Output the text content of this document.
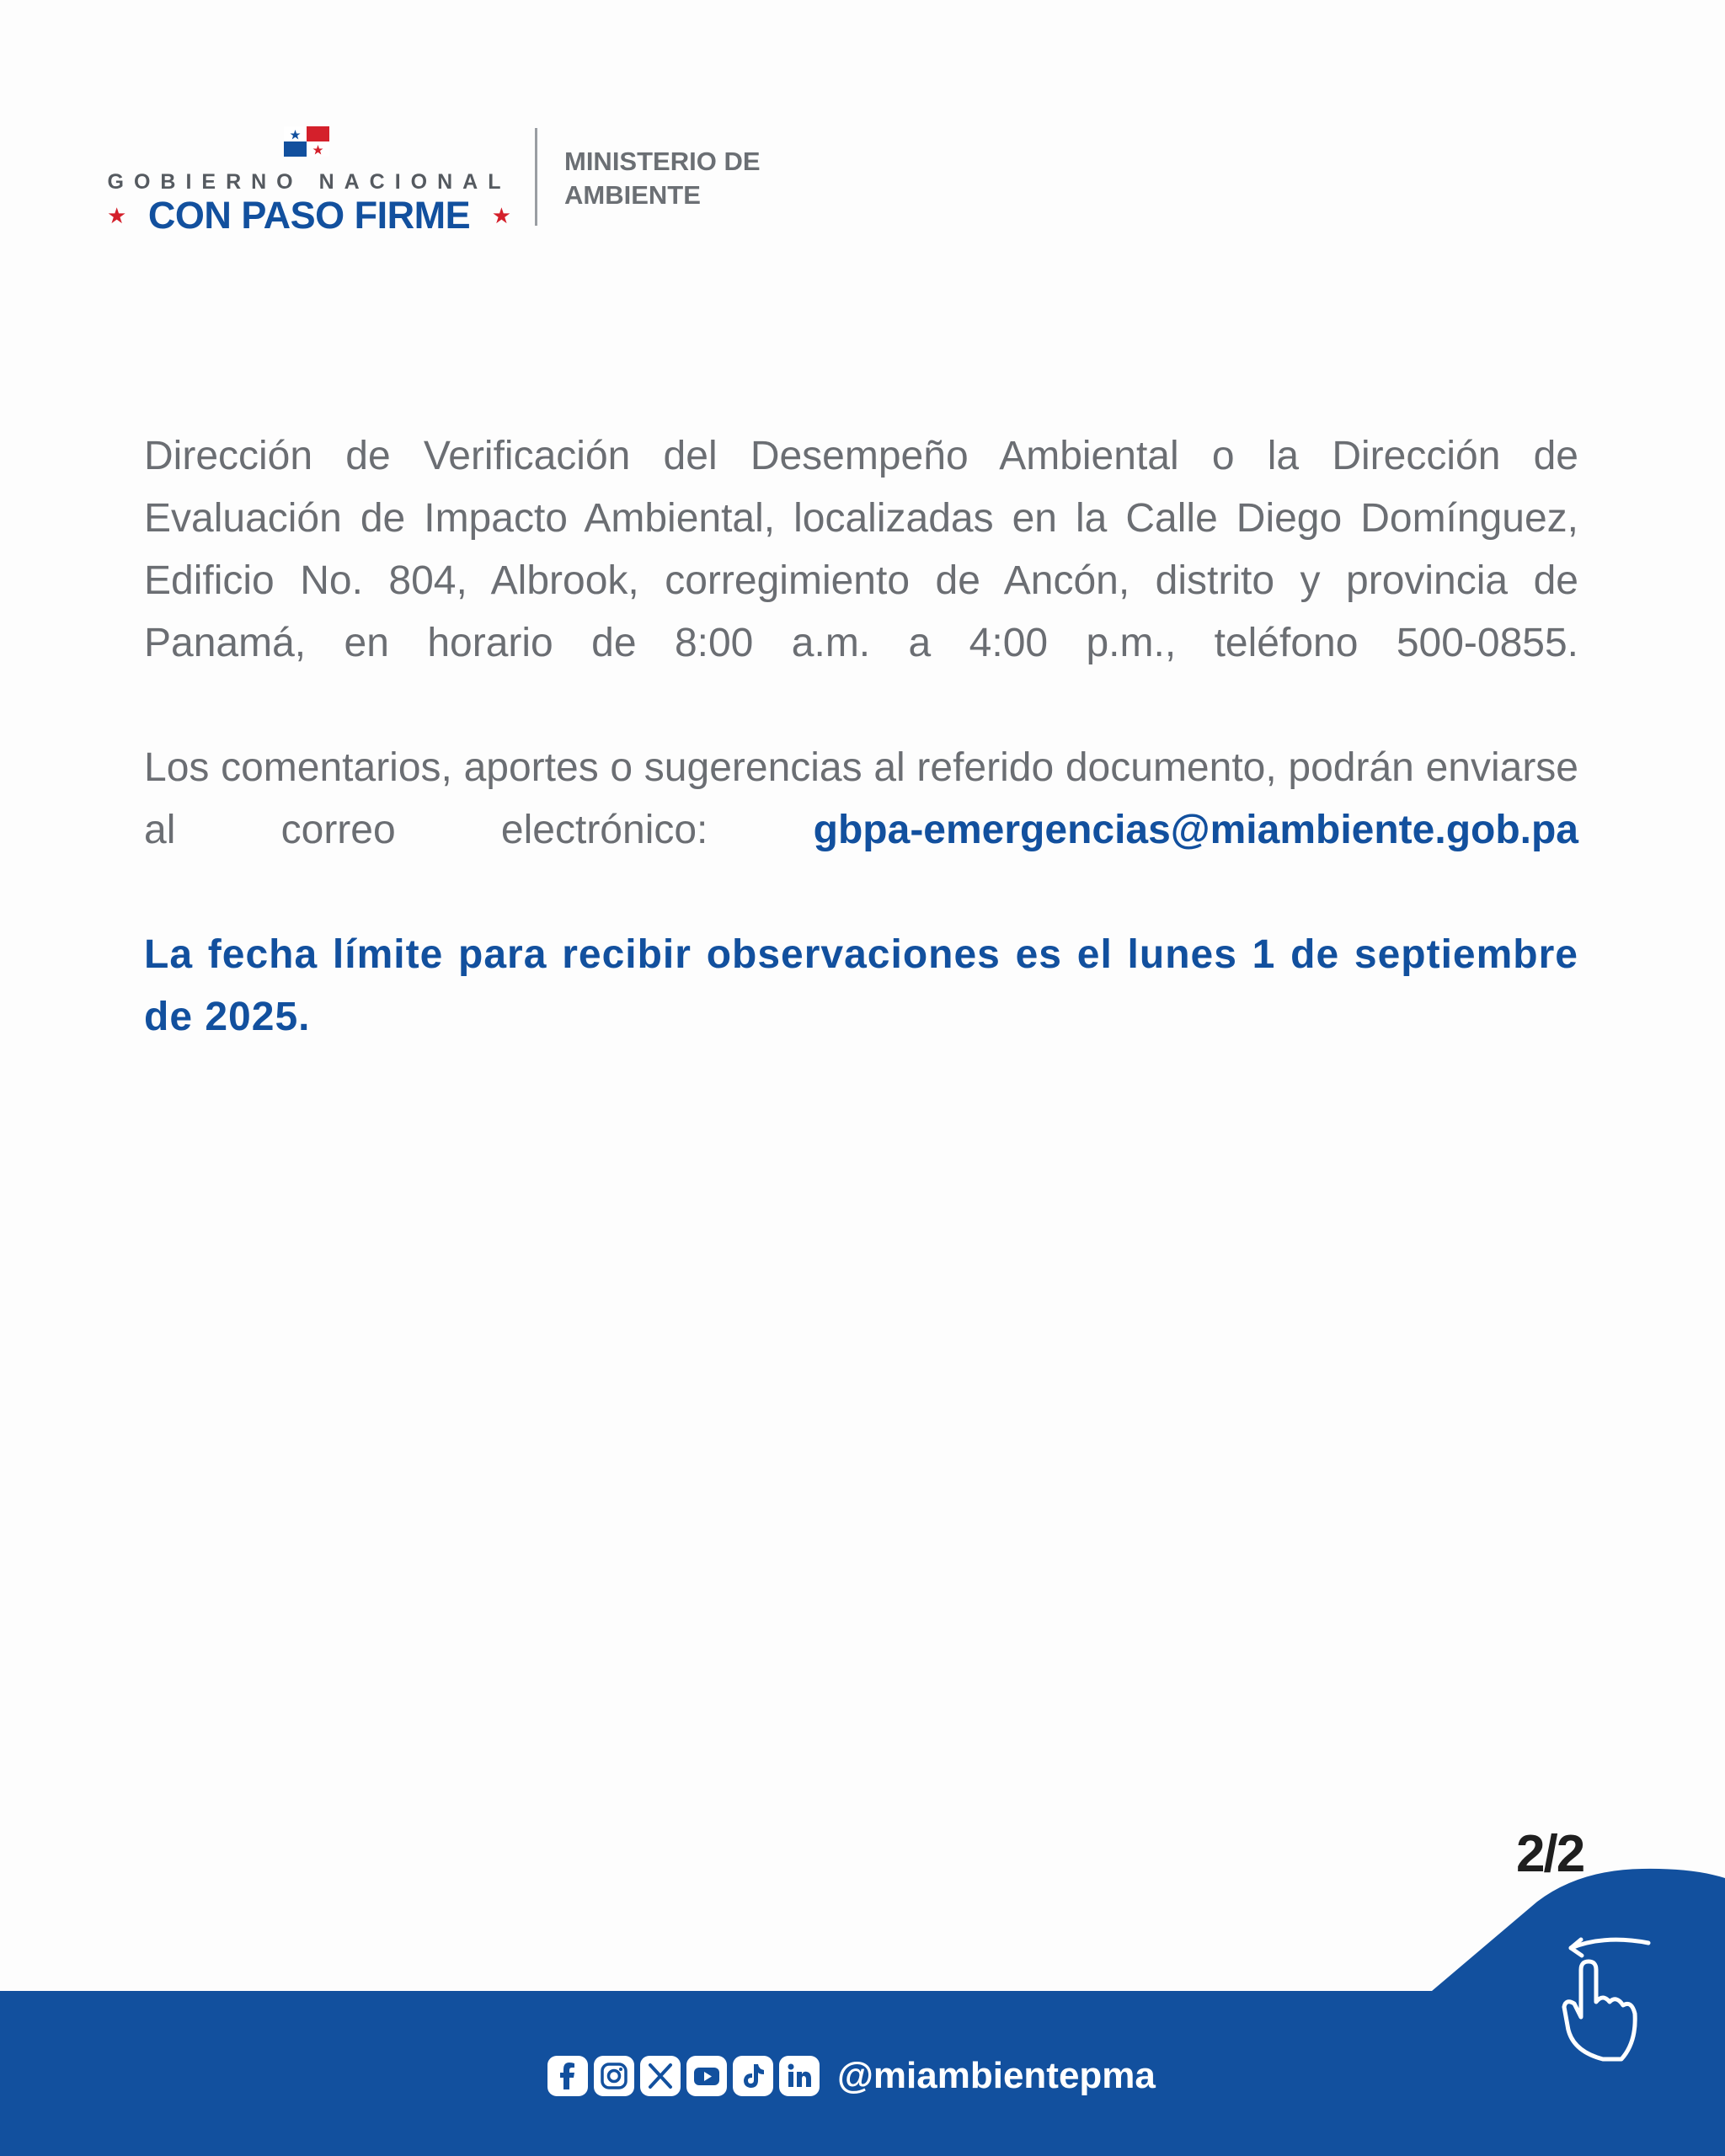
GOBIERNO NACIONAL
★ CON PASO FIRME ★
MINISTERIO DE
AMBIENTE

Dirección de Verificación del Desempeño Ambiental o la Dirección de Evaluación de Impacto Ambiental, localizadas en la Calle Diego Domínguez, Edificio No. 804, Albrook, corregimiento de Ancón, distrito y provincia de Panamá, en horario de 8:00 a.m. a 4:00 p.m., teléfono 500-0855.

Los comentarios, aportes o sugerencias al referido documento, podrán enviarse al correo electrónico: gbpa-emergencias@miambiente.gob.pa

La fecha límite para recibir observaciones es el lunes 1 de septiembre de 2025.

2/2
@miambientepma
